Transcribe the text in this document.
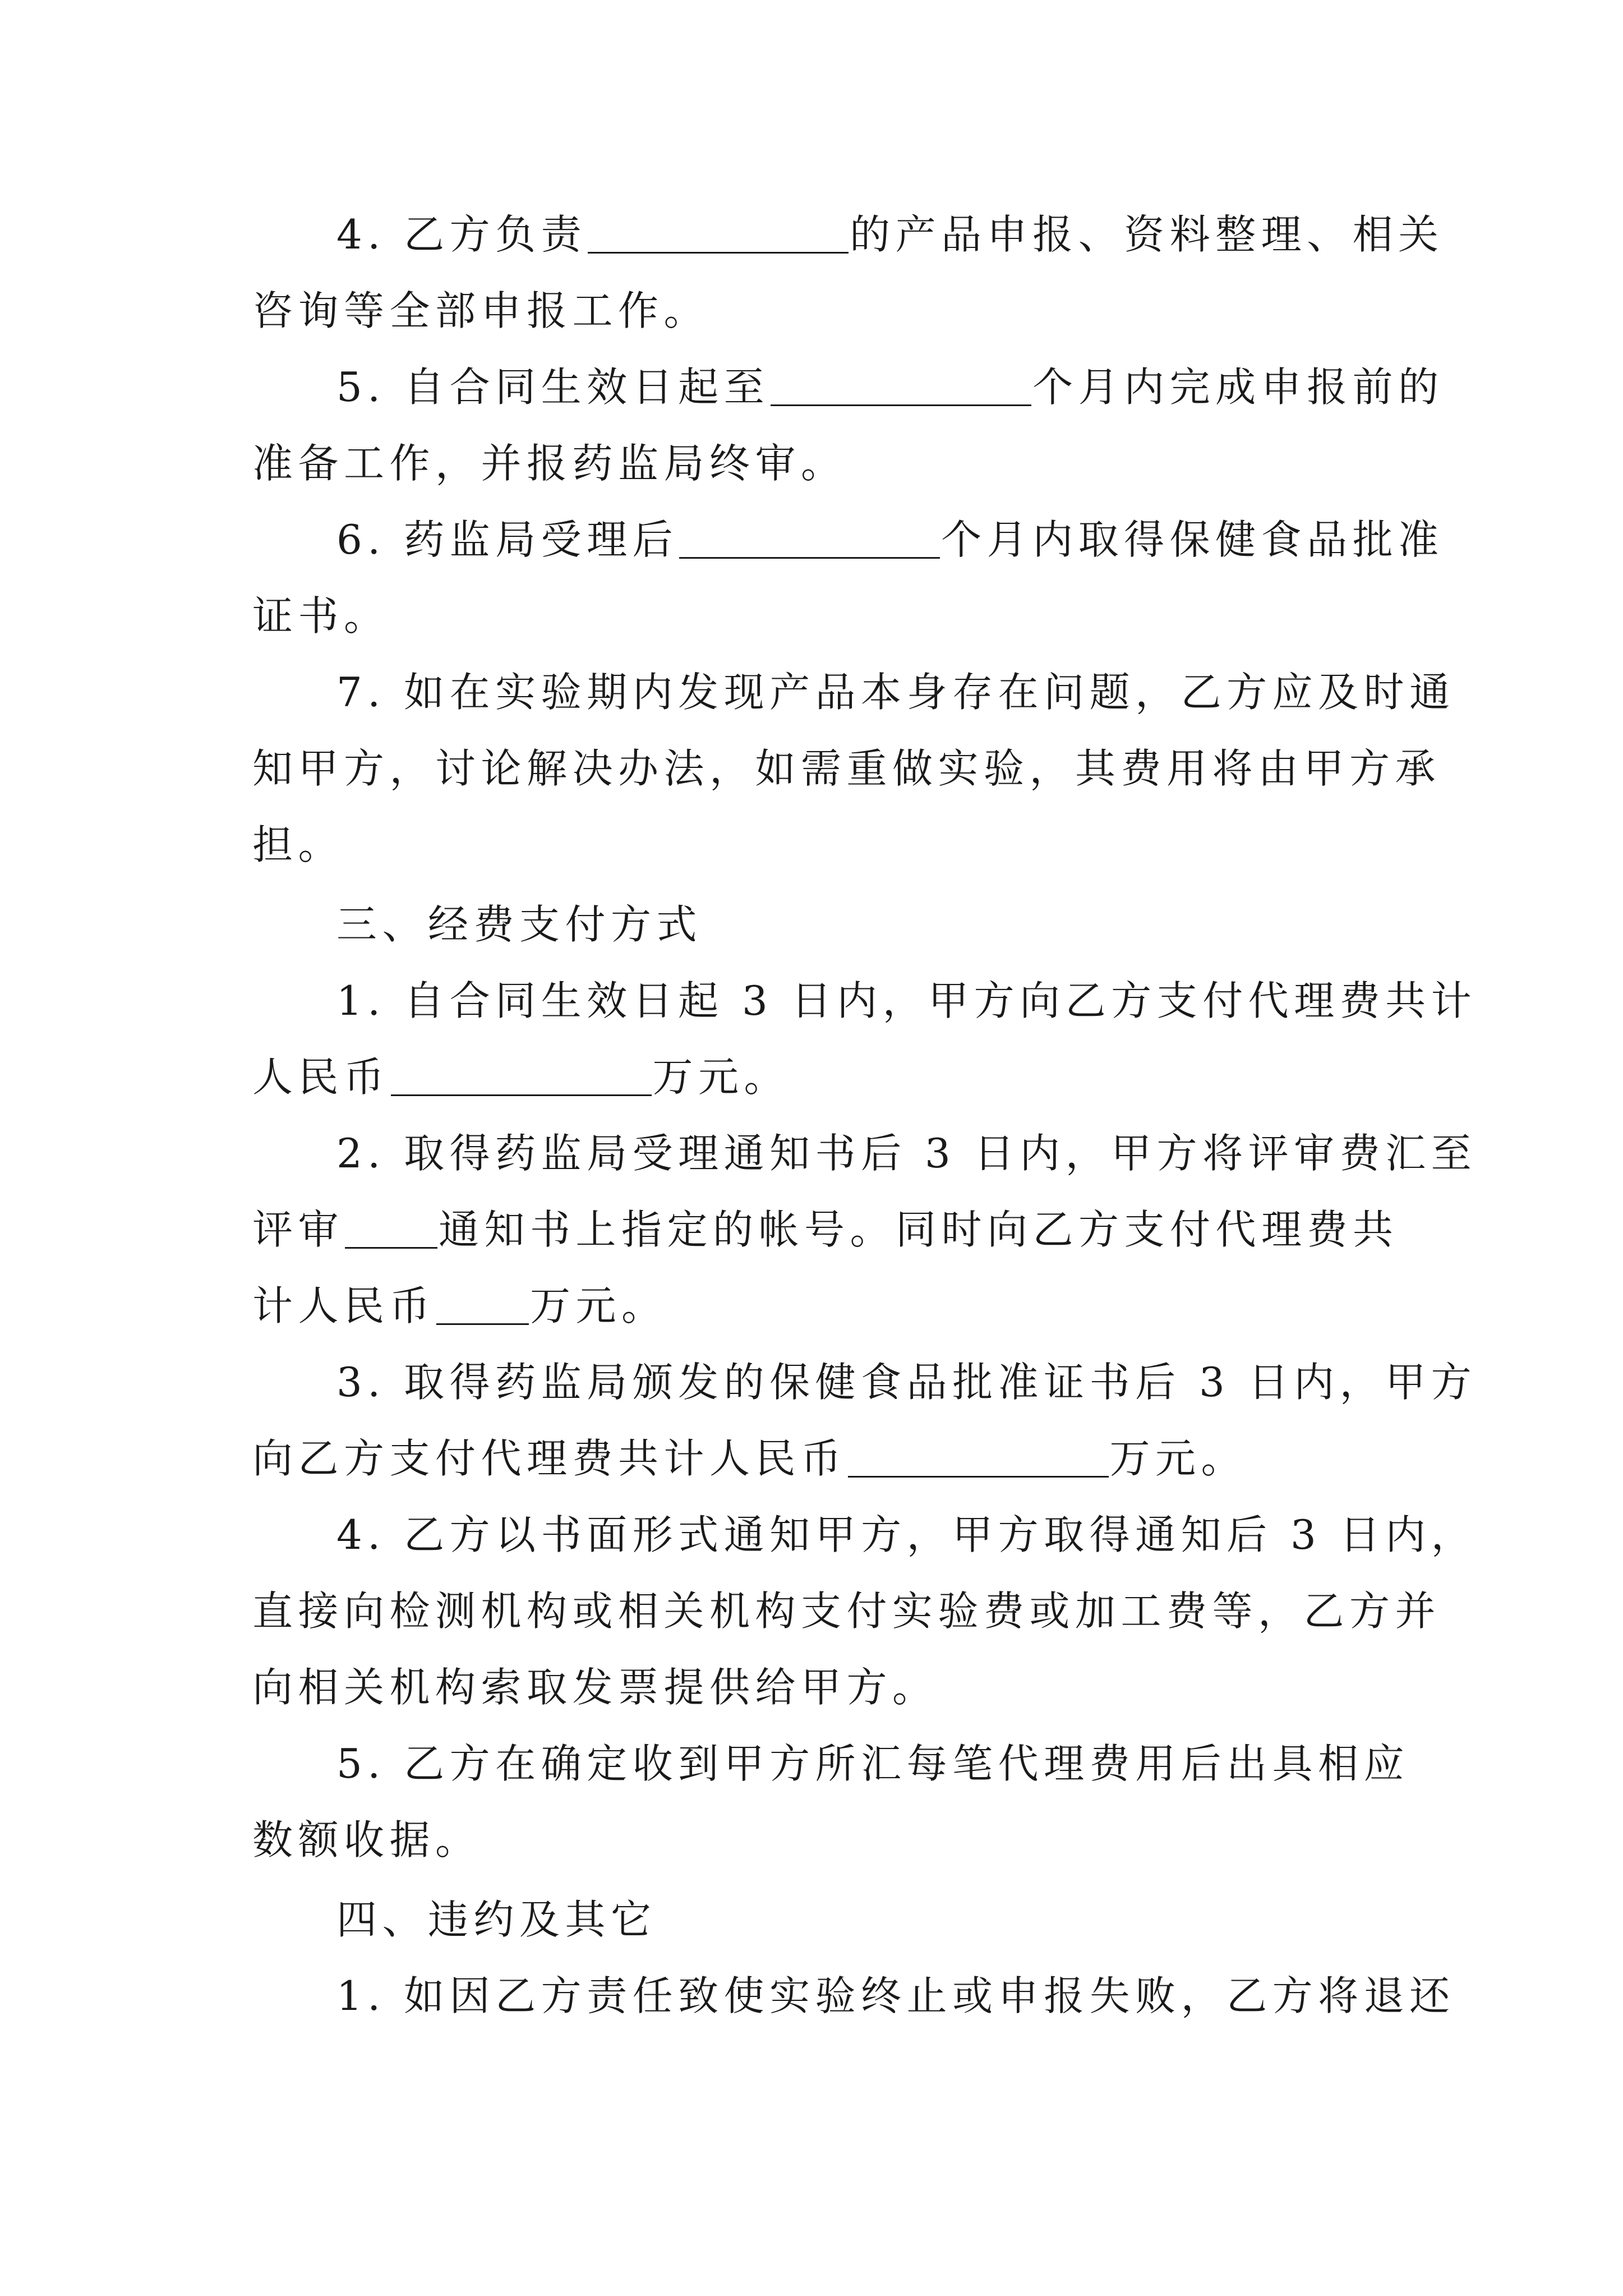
4. 乙方负责	的产品申报、资料整理、相关
咨询等全部申报工作。
5. 自合同生效日起至	个月内完成申报前的
准备工作，并报药监局终审。
6. 药监局受理后	个月内取得保健食品批准
证书。
7. 如在实验期内发现产品本身存在问题，乙方应及时通
知甲方，讨论解决办法，如需重做实验，其费用将由甲方承
担。
三、经费支付方式
1. 自合同生效日起 3 日内，甲方向乙方支付代理费共计
人民币	万元。
2. 取得药监局受理通知书后 3 日内，甲方将评审费汇至
评审 通知书上指定的帐号。同时向乙方支付代理费共
计人民币 万元。
3. 取得药监局颁发的保健食品批准证书后 3 日内，甲方
向乙方支付代理费共计人民币	万元。
4. 乙方以书面形式通知甲方，甲方取得通知后 3 日内，
直接向检测机构或相关机构支付实验费或加工费等，乙方并
向相关机构索取发票提供给甲方。
5. 乙方在确定收到甲方所汇每笔代理费用后出具相应
数额收据。
四、违约及其它
1. 如因乙方责任致使实验终止或申报失败，乙方将退还
